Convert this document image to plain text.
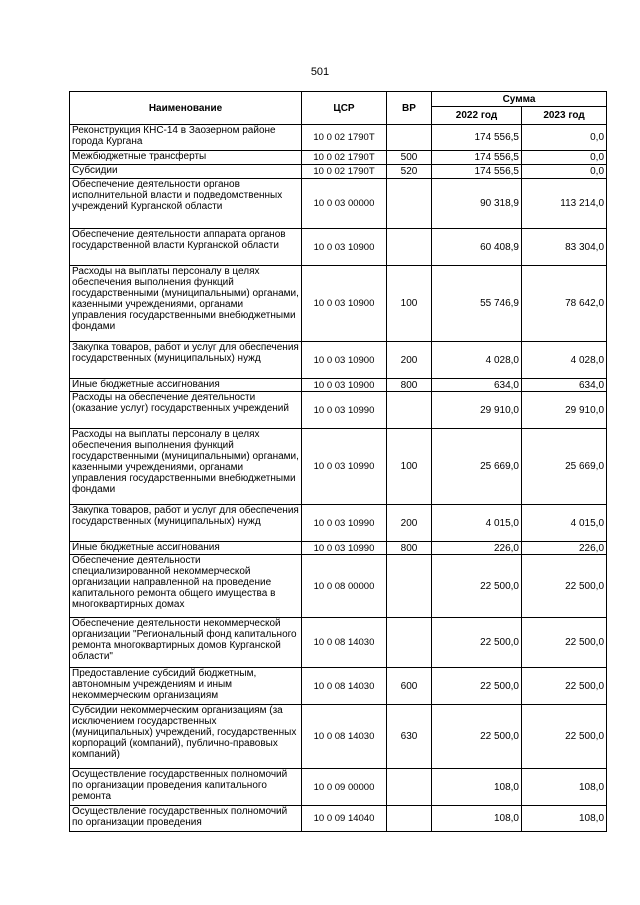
501
Наименование	ЦСР	ВР	Сумма	
			2022 год	2023 год
Реконструкция КНС-14 в Заозерном районе города Кургана	10 0 02 1790T		174 556,5	0,0
Межбюджетные трансферты	10 0 02 1790T	500	174 556,5	0,0
Субсидии	10 0 02 1790T	520	174 556,5	0,0
Обеспечение деятельности органов исполнительной власти и подведомственных учреждений Курганской области	10 0 03 00000		90 318,9	113 214,0
Обеспечение деятельности аппарата органов государственной власти Курганской области	10 0 03 10900		60 408,9	83 304,0
Расходы на выплаты персоналу в целях обеспечения выполнения функций государственными (муниципальными) органами, казенными учреждениями, органами управления государственными внебюджетными фондами	10 0 03 10900	100	55 746,9	78 642,0
Закупка товаров, работ и услуг для обеспечения государственных (муниципальных) нужд	10 0 03 10900	200	4 028,0	4 028,0
Иные бюджетные ассигнования	10 0 03 10900	800	634,0	634,0
Расходы на обеспечение деятельности (оказание услуг) государственных учреждений	10 0 03 10990		29 910,0	29 910,0
Расходы на выплаты персоналу в целях обеспечения выполнения функций государственными (муниципальными) органами, казенными учреждениями, органами управления государственными внебюджетными фондами	10 0 03 10990	100	25 669,0	25 669,0
Закупка товаров, работ и услуг для обеспечения государственных (муниципальных) нужд	10 0 03 10990	200	4 015,0	4 015,0
Иные бюджетные ассигнования	10 0 03 10990	800	226,0	226,0
Обеспечение деятельности специализированной некоммерческой организации направленной на проведение капитального ремонта общего имущества в многоквартирных домах	10 0 08 00000		22 500,0	22 500,0
Обеспечение деятельности некоммерческой организации "Региональный фонд капитального ремонта многоквартирных домов Курганской области"	10 0 08 14030		22 500,0	22 500,0
Предоставление субсидий бюджетным, автономным учреждениям и иным некоммерческим организациям	10 0 08 14030	600	22 500,0	22 500,0
Субсидии некоммерческим организациям (за исключением государственных (муниципальных) учреждений, государственных корпораций (компаний), публично-правовых компаний)	10 0 08 14030	630	22 500,0	22 500,0
Осуществление государственных полномочий по организации проведения капитального ремонта	10 0 09 00000		108,0	108,0
Осуществление государственных полномочий по организации проведения	10 0 09 14040		108,0	108,0
